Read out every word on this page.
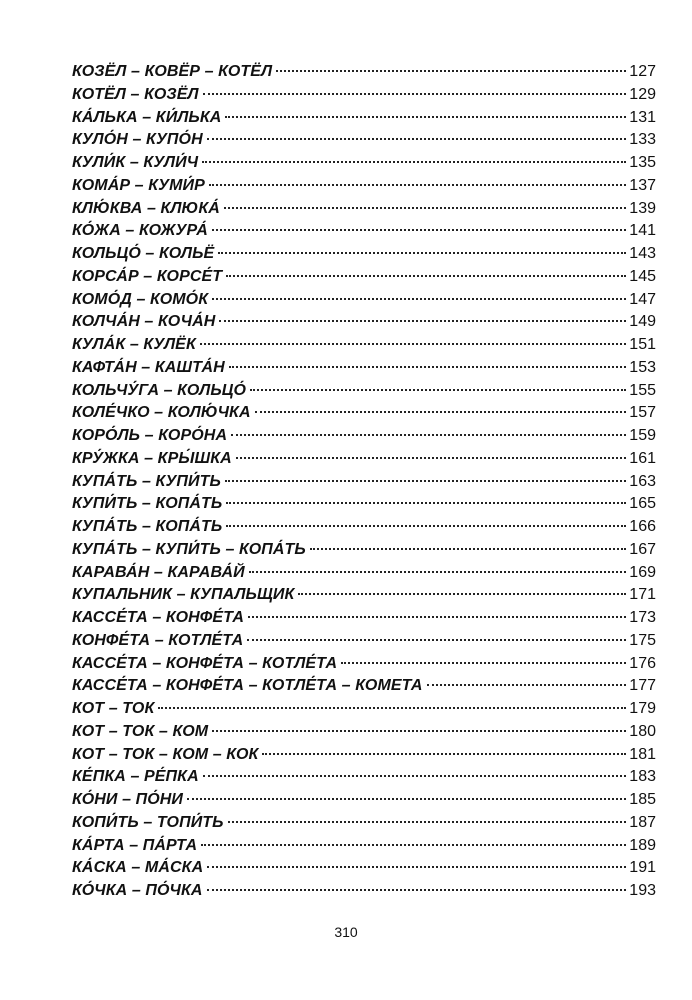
КОЗЁЛ – КОВЁР – КОТЁЛ	127
КОТЁЛ – КОЗЁЛ	129
КА́ЛЬКА – КИ́ЛЬКА	131
КУЛО́Н – КУПО́Н	133
КУЛИ́К – КУЛИ́Ч	135
КОМА́Р – КУМИ́Р	137
КЛЮ́КВА – КЛЮКА́	139
КО́ЖА – КОЖУРА́	141
КОЛЬЦО́ – КОЛЬЁ	143
КОРСА́Р – КОРСЕ́Т	145
КОМО́Д – КОМО́К	147
КОЛЧА́Н – КОЧА́Н	149
КУЛА́К – КУЛЁК	151
КАФТА́Н – КАШТА́Н	153
КОЛЬЧУ́ГА – КОЛЬЦО́	155
КОЛЕ́ЧКО – КОЛЮ́ЧКА	157
КОРО́ЛЬ – КОРО́НА	159
КРУ́ЖКА – КРЫ́ШКА	161
КУПА́ТЬ – КУПИ́ТЬ	163
КУПИ́ТЬ – КОПА́ТЬ	165
КУПА́ТЬ – КОПА́ТЬ	166
КУПА́ТЬ – КУПИ́ТЬ – КОПА́ТЬ	167
КАРАВА́Н – КАРАВА́Й	169
КУПАЛЬНИК – КУПАЛЬЩИК	171
КАССЕ́ТА – КОНФЕ́ТА	173
КОНФЕ́ТА – КОТЛЕ́ТА	175
КАССЕ́ТА – КОНФЕ́ТА – КОТЛЕ́ТА	176
КАССЕ́ТА – КОНФЕ́ТА – КОТЛЕ́ТА – КОМЕТА	177
КОТ – ТОК	179
КОТ – ТОК – КОМ	180
КОТ – ТОК – КОМ – КОК	181
КЕ́ПКА – РЕ́ПКА	183
КО́НИ – ПО́НИ	185
КОПИ́ТЬ – ТОПИ́ТЬ	187
КА́РТА – ПА́РТА	189
КА́СКА – МА́СКА	191
КО́ЧКА – ПО́ЧКА	193
310
